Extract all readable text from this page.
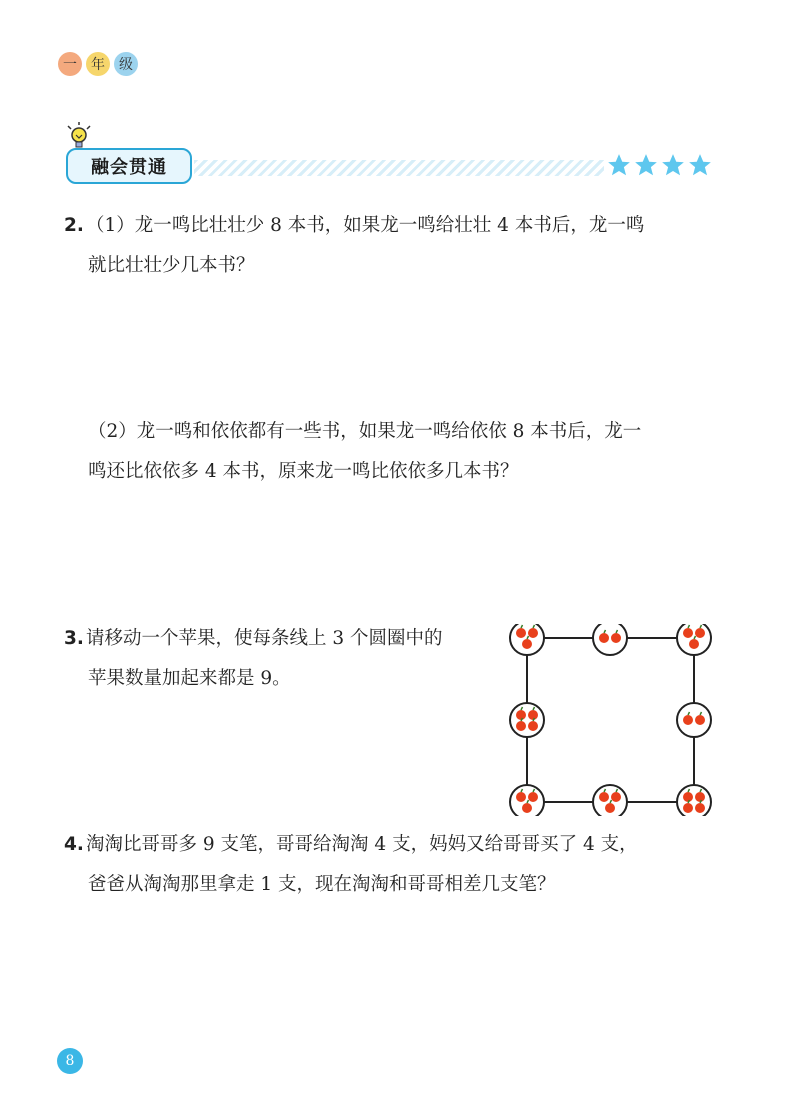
一	年	级
融会贯通
2. （1）龙一鸣比壮壮少 8 本书，如果龙一鸣给壮壮 4 本书后，龙一鸣
就比壮壮少几本书？
（2）龙一鸣和依依都有一些书，如果龙一鸣给依依 8 本书后，龙一
鸣还比依依多 4 本书，原来龙一鸣比依依多几本书？
3. 请移动一个苹果，使每条线上 3 个圆圈中的
苹果数量加起来都是 9。
4. 淘淘比哥哥多 9 支笔，哥哥给淘淘 4 支，妈妈又给哥哥买了 4 支，
爸爸从淘淘那里拿走 1 支，现在淘淘和哥哥相差几支笔？
8
